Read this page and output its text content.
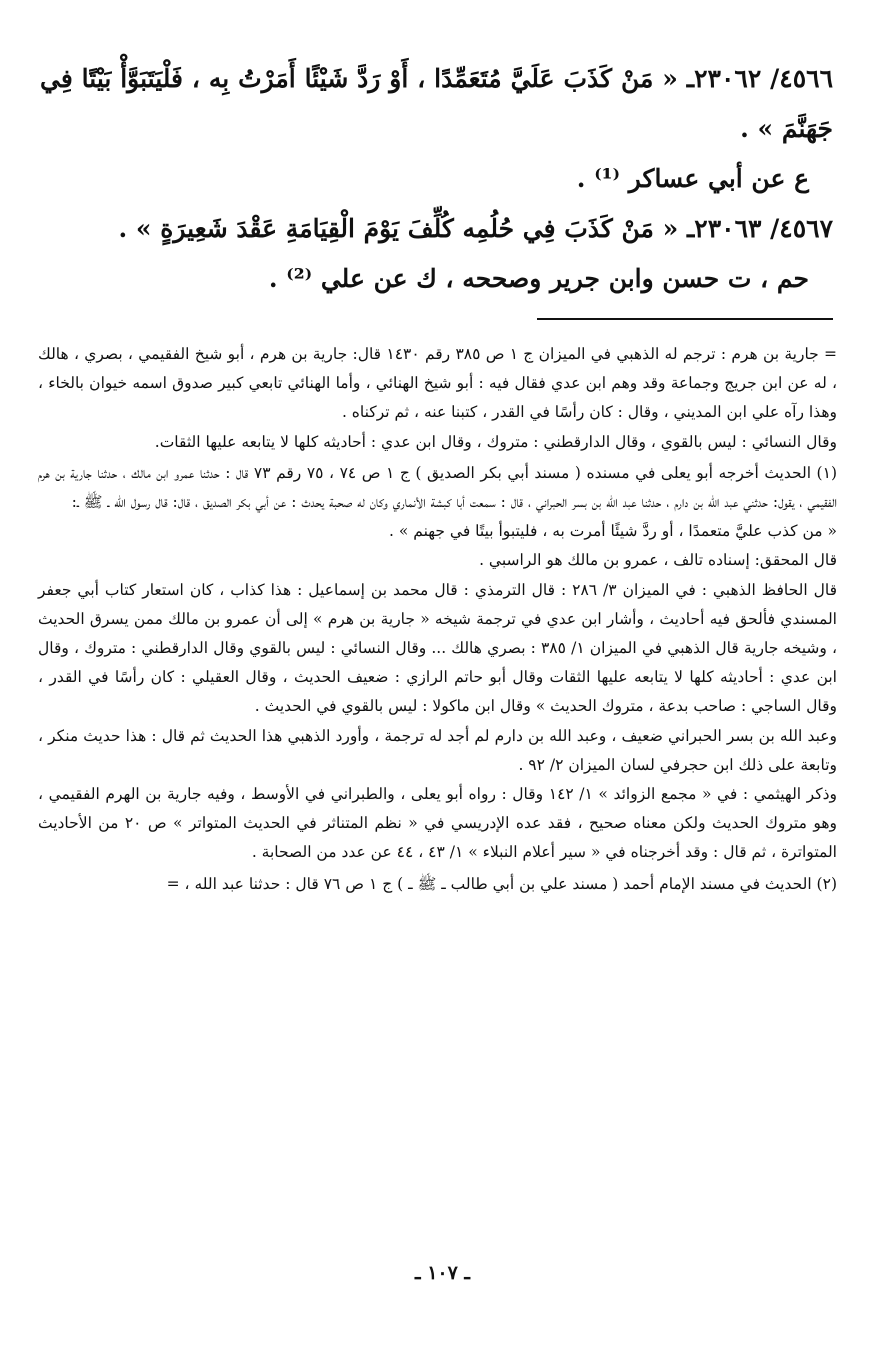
٤٥٦٦/ ٢٣٠٦٢ـ « مَنْ كَذَبَ عَلَيَّ مُتَعَمِّدًا ، أَوْ رَدَّ شَيْئًا أَمَرْتُ بِه ، فَلْيَتَبَوَّأْ بَيْتًا فِي جَهَنَّمَ » .

ع عن أبي عساكر ⁽¹⁾ .

٤٥٦٧/ ٢٣٠٦٣ـ « مَنْ كَذَبَ فِي حُلُمِه كُلِّفَ يَوْمَ الْقِيَامَةِ عَقْدَ شَعِيرَةٍ » .

حم ، ت حسن وابن جرير وصححه ، ك عن علي ⁽²⁾ .

= جارية بن هرم : ترجم له الذهبي في الميزان ج ١ ص ٣٨٥ رقم ١٤٣٠ قال: جارية بن هرم ، أبو شيخ الفقيمي ، بصري ، هالك ، له عن ابن جريج وجماعة وقد وهم ابن عدي فقال فيه : أبو شيخ الهنائي ، وأما الهنائي تابعي كبير صدوق اسمه خيوان بالخاء ، وهذا رآه علي ابن المديني ، وقال : كان رأسًا في القدر ، كتبنا عنه ، ثم تركناه .

وقال النسائي : ليس بالقوي ، وقال الدارقطني : متروك ، وقال ابن عدي : أحاديثه كلها لا يتابعه عليها الثقات.

(١) الحديث أخرجه أبو يعلى في مسنده ( مسند أبي بكر الصديق ) ج ١ ص ٧٤ ، ٧٥ رقم ٧٣ قال : حدثنا عمرو ابن مالك ، حدثنا جارية بن هرم الفقيمي ، يقول: حدثني عبد الله بن دارم ، حدثنا عبد الله بن بسر الحبراني ، قال : سمعت أبا كبشة الأنماري وكان له صحبة يحدث : عن أبي بكر الصديق ، قال: قال رسول الله ـ ﷺ ـ:

« من كذب عليَّ متعمدًا ، أو ردَّ شيئًا أمرت به ، فليتبوأ بيتًا في جهنم » .

قال المحقق: إسناده تالف ، عمرو بن مالك هو الراسبي .

قال الحافظ الذهبي : في الميزان ٣/ ٢٨٦ : قال الترمذي : قال محمد بن إسماعيل : هذا كذاب ، كان استعار كتاب أبي جعفر المسندي فألحق فيه أحاديث ، وأشار ابن عدي في ترجمة شيخه « جارية بن هرم » إلى أن عمرو بن مالك ممن يسرق الحديث ، وشيخه جارية قال الذهبي في الميزان ١/ ٣٨٥ : بصري هالك ... وقال النسائي : ليس بالقوي وقال الدارقطني : متروك ، وقال ابن عدي : أحاديثه كلها لا يتابعه عليها الثقات وقال أبو حاتم الرازي : ضعيف الحديث ، وقال العقيلي : كان رأسًا في القدر ، وقال الساجي : صاحب بدعة ، متروك الحديث » وقال ابن ماكولا : ليس بالقوي في الحديث .

وعبد الله بن بسر الحبراني ضعيف ، وعبد الله بن دارم لم أجد له ترجمة ، وأورد الذهبي هذا الحديث ثم قال : هذا حديث منكر ، وتابعة على ذلك ابن حجرفي لسان الميزان ٢/ ٩٢ .

وذكر الهيثمي : في « مجمع الزوائد » ١/ ١٤٢ وقال : رواه أبو يعلى ، والطبراني في الأوسط ، وفيه جارية بن الهرم الفقيمي ، وهو متروك الحديث ولكن معناه صحيح ، فقد عده الإدريسي في « نظم المتناثر في الحديث المتواتر » ص ٢٠ من الأحاديث المتواترة ، ثم قال : وقد أخرجناه في « سير أعلام النبلاء » ١/ ٤٣ ، ٤٤ عن عدد من الصحابة .

(٢) الحديث في مسند الإمام أحمد ( مسند علي بن أبي طالب ـ ﷺ ـ ) ج ١ ص ٧٦ قال : حدثنا عبد الله ، =

ـ ١٠٧ ـ
